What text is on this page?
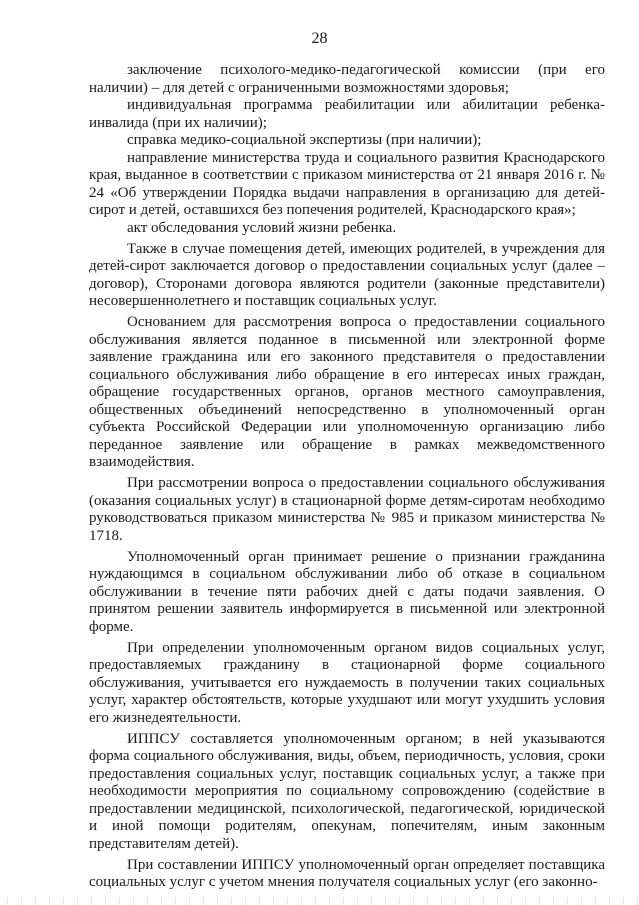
28

заключение психолого-медико-педагогической комиссии (при его наличии) – для детей с ограниченными возможностями здоровья;

индивидуальная программа реабилитации или абилитации ребенка-инвалида (при их наличии);

справка медико-социальной экспертизы (при наличии);

направление министерства труда и социального развития Краснодарского края, выданное в соответствии с приказом министерства от 21 января 2016 г. № 24 «Об утверждении Порядка выдачи направления в организацию для детей-сирот и детей, оставшихся без попечения родителей, Краснодарского края»;

акт обследования условий жизни ребенка.

Также в случае помещения детей, имеющих родителей, в учреждения для детей-сирот заключается договор о предоставлении социальных услуг (далее – договор), Сторонами договора являются родители (законные представители) несовершеннолетнего и поставщик социальных услуг.

Основанием для рассмотрения вопроса о предоставлении социального обслуживания является поданное в письменной или электронной форме заявление гражданина или его законного представителя о предоставлении социального обслуживания либо обращение в его интересах иных граждан, обращение государственных органов, органов местного самоуправления, общественных объединений непосредственно в уполномоченный орган субъекта Российской Федерации или уполномоченную организацию либо переданное заявление или обращение в рамках межведомственного взаимодействия.

При рассмотрении вопроса о предоставлении социального обслуживания (оказания социальных услуг) в стационарной форме детям-сиротам необходимо руководствоваться приказом министерства № 985 и приказом министерства № 1718.

Уполномоченный орган принимает решение о признании гражданина нуждающимся в социальном обслуживании либо об отказе в социальном обслуживании в течение пяти рабочих дней с даты подачи заявления. О принятом решении заявитель информируется в письменной или электронной форме.

При определении уполномоченным органом видов социальных услуг, предоставляемых гражданину в стационарной форме социального обслуживания, учитывается его нуждаемость в получении таких социальных услуг, характер обстоятельств, которые ухудшают или могут ухудшить условия его жизнедеятельности.

ИППСУ составляется уполномоченным органом; в ней указываются форма социального обслуживания, виды, объем, периодичность, условия, сроки предоставления социальных услуг, поставщик социальных услуг, а также при необходимости мероприятия по социальному сопровождению (содействие в предоставлении медицинской, психологической, педагогической, юридической и иной помощи родителям, опекунам, попечителям, иным законным представителям детей).

При составлении ИППСУ уполномоченный орган определяет поставщика социальных услуг с учетом мнения получателя социальных услуг (его законно-
